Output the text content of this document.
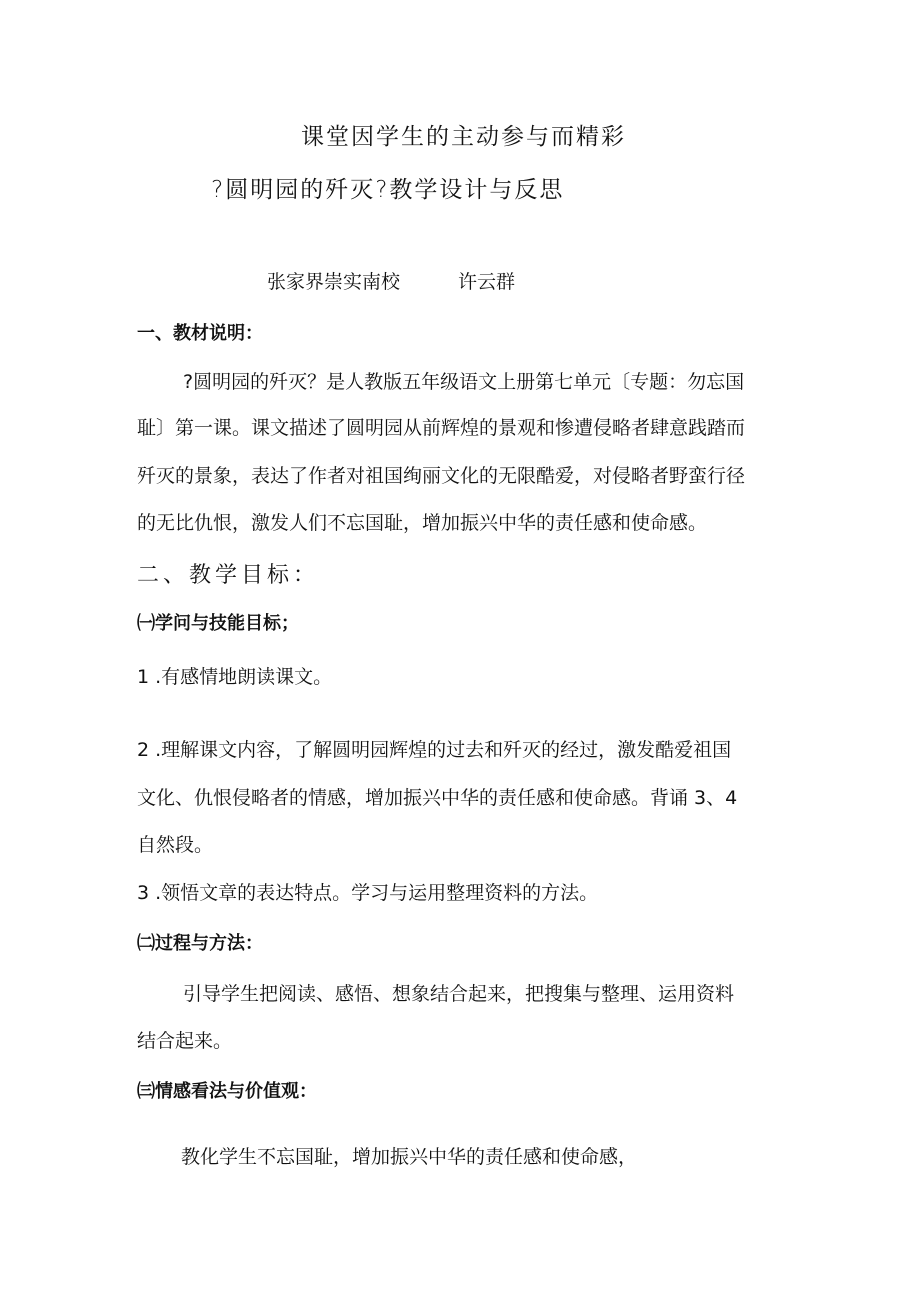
课堂因学生的主动参与而精彩

?圆明园的歼灭?教学设计与反思

张家界崇实南校	许云群

一、教材说明：

?圆明园的歼灭？是人教版五年级语文上册第七单元〔专题：勿忘国

耻〕第一课。课文描述了圆明园从前辉煌的景观和惨遭侵略者肆意践踏而

歼灭的景象，表达了作者对祖国绚丽文化的无限酷爱，对侵略者野蛮行径

的无比仇恨，激发人们不忘国耻，增加振兴中华的责任感和使命感。

二、教学目标：

㈠学问与技能目标；

1 .有感情地朗读课文。

2 .理解课文内容，了解圆明园辉煌的过去和歼灭的经过，激发酷爱祖国

文化、仇恨侵略者的情感，增加振兴中华的责任感和使命感。背诵 3、4

自然段。

3 .领悟文章的表达特点。学习与运用整理资料的方法。

㈡过程与方法：

引导学生把阅读、感悟、想象结合起来，把搜集与整理、运用资料

结合起来。

㈢情感看法与价值观：

教化学生不忘国耻，增加振兴中华的责任感和使命感，
